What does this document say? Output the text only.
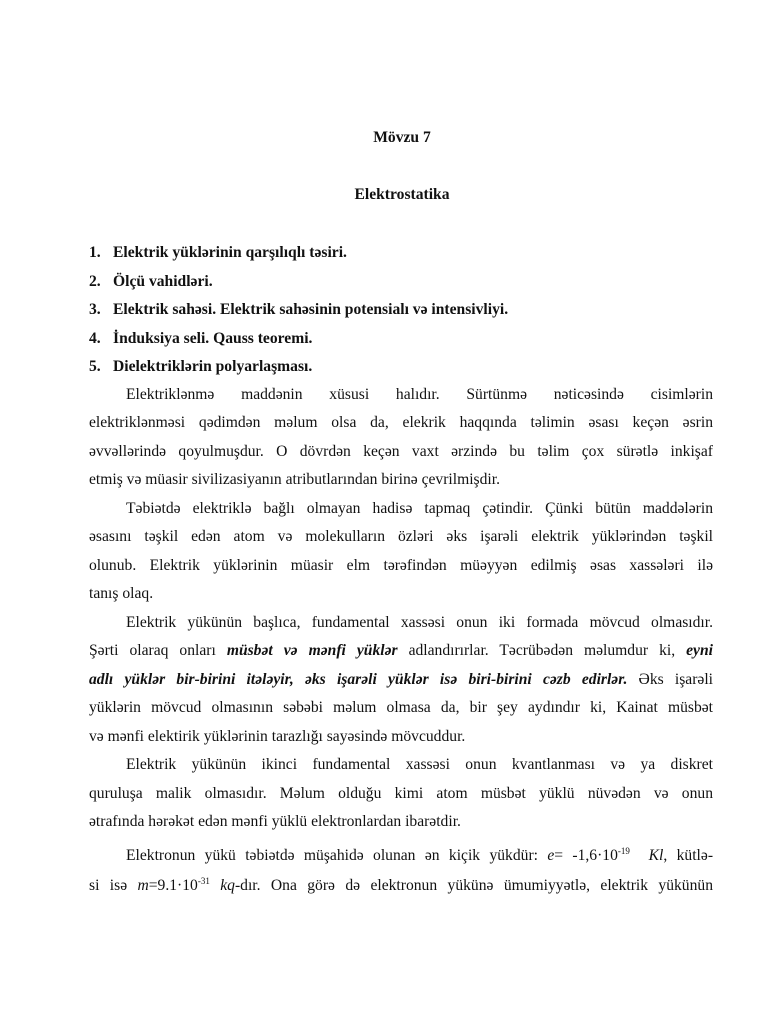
Mövzu 7
Elektrostatika
1. Elektrik yüklərinin qarşılıqlı təsiri.
2. Ölçü vahidləri.
3. Elektrik sahəsi. Elektrik sahəsinin potensialı və intensivliyi.
4. İnduksiya seli. Qauss teoremi.
5. Dielektriklərin polyarlaşması.
Elektriklənmə maddənin xüsusi halıdır. Sürtünmə nəticəsində cisimlərin
elektriklənməsi qədimdən məlum olsa da, elekrik haqqında təlimin əsası keçən əsrin
əvvəllərində qoyulmuşdur. O dövrdən keçən vaxt ərzində bu təlim çox sürətlə inkişaf
etmiş və müasir sivilizasiyanın atributlarından birinə çevrilmişdir.
Təbiətdə elektriklə bağlı olmayan hadisə tapmaq çətindir. Çünki bütün maddələrin
əsasını təşkil edən atom və molekulların özləri əks işarəli elektrik yüklərindən təşkil
olunub. Elektrik yüklərinin müasir elm tərəfindən müəyyən edilmiş əsas xassələri ilə
tanış olaq.
Elektrik yükünün başlıca, fundamental xassəsi onun iki formada mövcud olmasıdır.
Şərti olaraq onları müsbət və mənfi yüklər adlandırırlar. Təcrübədən məlumdur ki, eyni
adlı yüklər bir-birini itələyir, əks işarəli yüklər isə biri-birini cəzb edirlər. Əks işarəli
yüklərin mövcud olmasının səbəbi məlum olmasa da, bir şey aydındır ki, Kainat müsbət
və mənfi elektirik yüklərinin tarazlığı sayəsində mövcuddur.
Elektrik yükünün ikinci fundamental xassəsi onun kvantlanması və ya diskret
quruluşa malik olmasıdır. Məlum olduğu kimi atom müsbət yüklü nüvədən və onun
ətrafında hərəkət edən mənfi yüklü elektronlardan ibarətdir.
Elektronun yükü təbiətdə müşahidə olunan ən kiçik yükdür: $e= -1,6\cdot 10^{-19}$ Kl, kütlə-
si isə $m=9.1\cdot 10^{-31}$ kq-dır. Ona görə də elektronun yükünə ümumiyyətlə, elektrik yükünün
